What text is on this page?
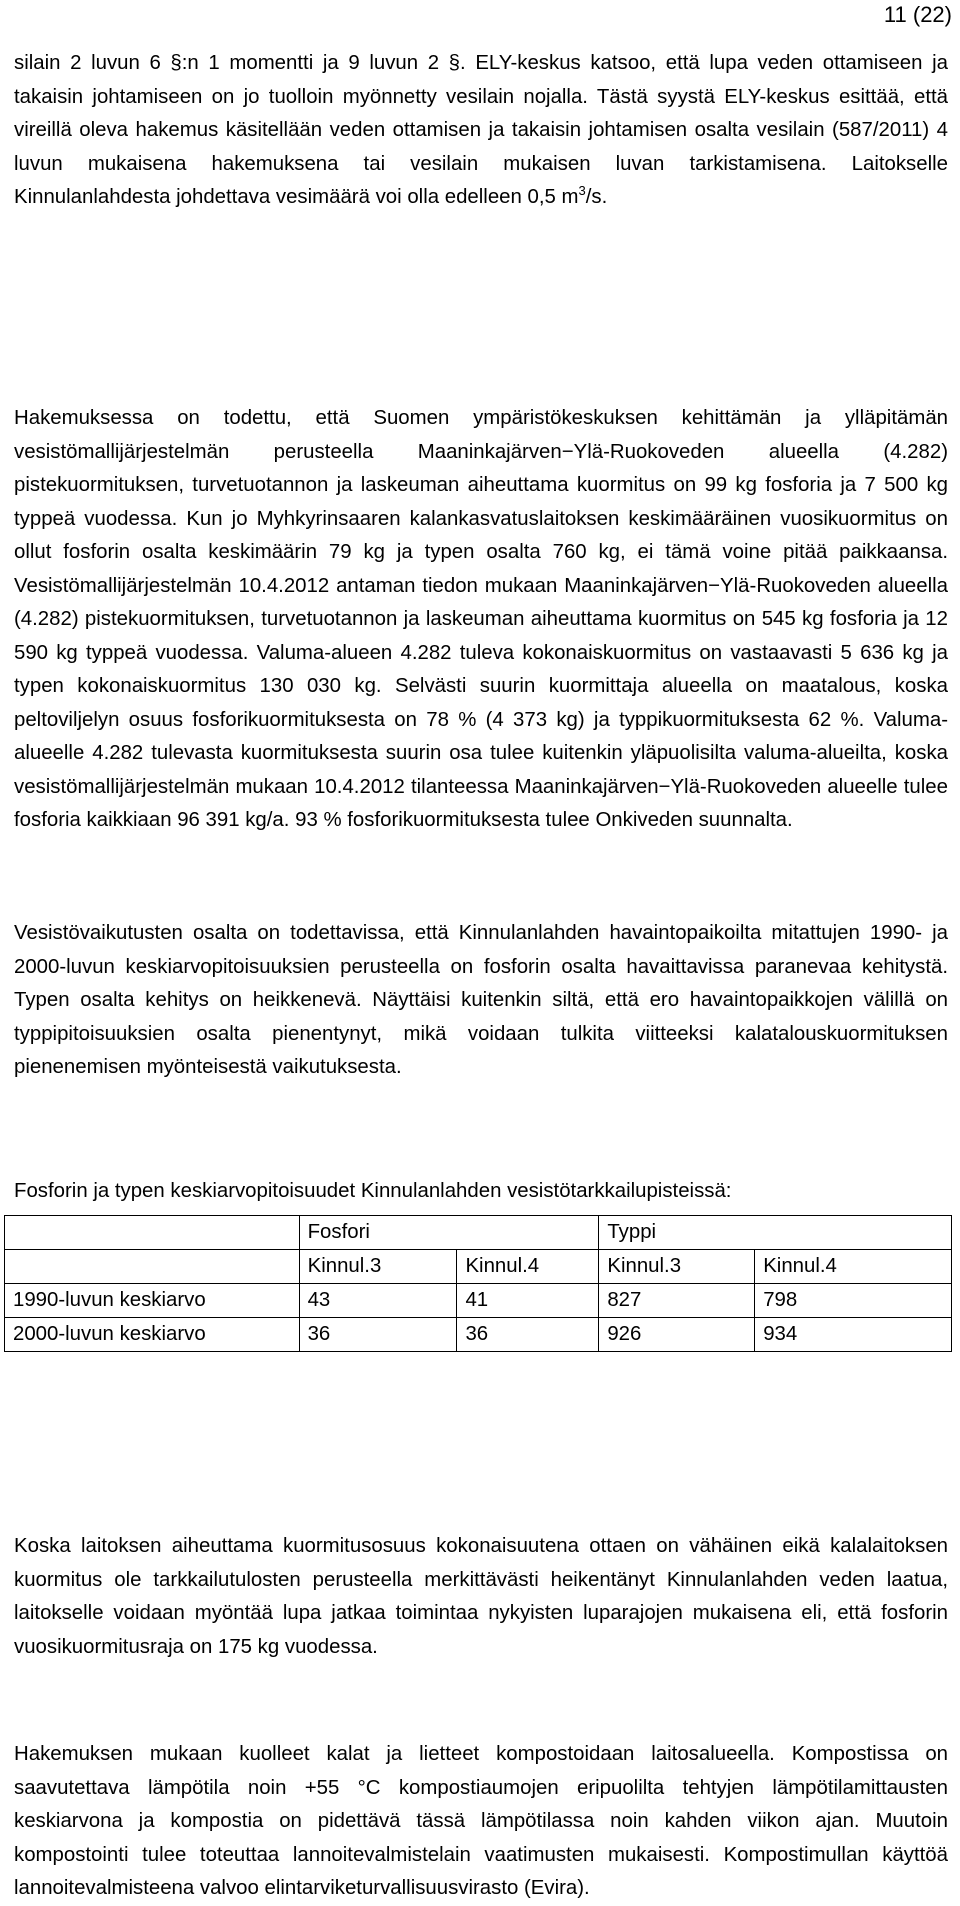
11 (22)

silain 2 luvun 6 §:n 1 momentti ja 9 luvun 2 §. ELY-keskus katsoo, että lupa veden ottamiseen ja takaisin johtamiseen on jo tuolloin myönnetty vesilain nojalla. Tästä syystä ELY-keskus esittää, että vireillä oleva hakemus käsitellään veden ottamisen ja takaisin johtamisen osalta vesilain (587/2011) 4 luvun mukaisena hakemuksena tai vesilain mukaisen luvan tarkistamisena. Laitokselle Kinnulanlahdesta johdettava vesimäärä voi olla edelleen 0,5 $m^3/s$.

Hakemuksessa on todettu, että Suomen ympäristökeskuksen kehittämän ja ylläpitämän vesistömallijärjestelmän perusteella Maaninkajärven−Ylä-Ruokoveden alueella (4.282) pistekuormituksen, turvetuotannon ja laskeuman aiheuttama kuormitus on 99 kg fosforia ja 7 500 kg typpeä vuodessa. Kun jo Myhkyrinsaaren kalankasvatuslaitoksen keskimääräinen vuosikuormitus on ollut fosforin osalta keskimäärin 79 kg ja typen osalta 760 kg, ei tämä voine pitää paikkaansa. Vesistömallijärjestelmän 10.4.2012 antaman tiedon mukaan Maaninkajärven−Ylä-Ruokoveden alueella (4.282) pistekuormituksen, turvetuotannon ja laskeuman aiheuttama kuormitus on 545 kg fosforia ja 12 590 kg typpeä vuodessa. Valuma-alueen 4.282 tuleva kokonaiskuormitus on vastaavasti 5 636 kg ja typen kokonaiskuormitus 130 030 kg. Selvästi suurin kuormittaja alueella on maatalous, koska peltoviljelyn osuus fosforikuormituksesta on 78 % (4 373 kg) ja typpikuormituksesta 62 %. Valuma-alueelle 4.282 tulevasta kuormituksesta suurin osa tulee kuitenkin yläpuolisilta valuma-alueilta, koska vesistömallijärjestelmän mukaan 10.4.2012 tilanteessa Maaninkajärven−Ylä-Ruokoveden alueelle tulee fosforia kaikkiaan 96 391 kg/a. 93 % fosforikuormituksesta tulee Onkiveden suunnalta.

Vesistövaikutusten osalta on todettavissa, että Kinnulanlahden havaintopaikoilta mitattujen 1990- ja 2000-luvun keskiarvopitoisuuksien perusteella on fosforin osalta havaittavissa paranevaa kehitystä. Typen osalta kehitys on heikkenevä. Näyttäisi kuitenkin siltä, että ero havaintopaikkojen välillä on typpipitoisuuksien osalta pienentynyt, mikä voidaan tulkita viitteeksi kalatalouskuormituksen pienenemisen myönteisestä vaikutuksesta.

Fosforin ja typen keskiarvopitoisuudet Kinnulanlahden vesistötarkkailupisteissä:

	Fosfori		Typpi	
	Kinnul.3	Kinnul.4	Kinnul.3	Kinnul.4
1990-luvun keskiarvo	43	41	827	798
2000-luvun keskiarvo	36	36	926	934

Koska laitoksen aiheuttama kuormitusosuus kokonaisuutena ottaen on vähäinen eikä kalalaitoksen kuormitus ole tarkkailutulosten perusteella merkittävästi heikentänyt Kinnulanlahden veden laatua, laitokselle voidaan myöntää lupa jatkaa toimintaa nykyisten luparajojen mukaisena eli, että fosforin vuosikuormitusraja on 175 kg vuodessa.

Hakemuksen mukaan kuolleet kalat ja lietteet kompostoidaan laitosalueella. Kompostissa on saavutettava lämpötila noin +55 °C kompostiaumojen eripuolilta tehtyjen lämpötilamittausten keskiarvona ja kompostia on pidettävä tässä lämpötilassa noin kahden viikon ajan. Muutoin kompostointi tulee toteuttaa lannoitevalmistelain vaatimusten mukaisesti. Kompostimullan käyttöä lannoitevalmisteena valvoo elintarviketurvallisuusvirasto (Evira).
